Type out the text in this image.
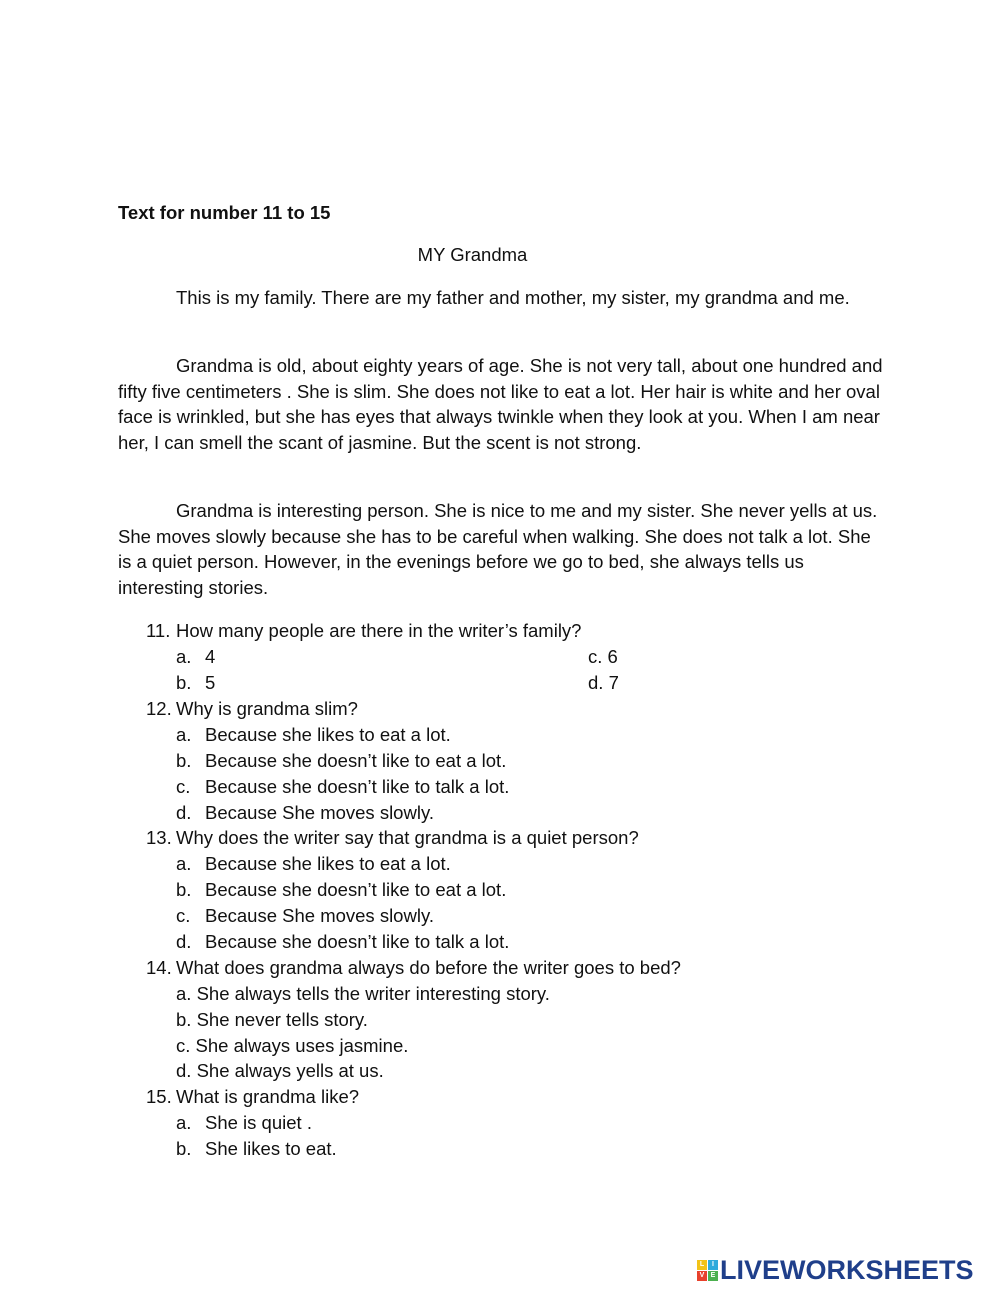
Text for number 11 to 15
MY Grandma

This is my family. There are my father and mother, my sister, my grandma and me.

Grandma is old, about eighty years of age. She is not very tall, about one hundred and fifty five centimeters . She is slim. She does not like to eat a lot. Her hair is white and her oval face is wrinkled, but she has eyes that always twinkle when they look at you. When I am near her, I can smell the scant of jasmine. But the scent is not strong.

Grandma is interesting person. She is nice to me and my sister. She never yells at us. She moves slowly because she has to be careful when walking. She does not talk a lot. She is a quiet person. However, in the evenings before we go to bed, she always tells us interesting stories.

11. How many people are there in the writer’s family?
a. 4	c. 6
b. 5	d. 7
12. Why is grandma slim?
a. Because she likes to eat a lot.
b. Because she doesn’t like to eat a lot.
c. Because she doesn’t like to talk a lot.
d. Because She moves slowly.
13. Why does the writer say that grandma is a quiet person?
a. Because she likes to eat a lot.
b. Because she doesn’t like to eat a lot.
c. Because She moves slowly.
d. Because she doesn’t like to talk a lot.
14. What does grandma always do before the writer goes to bed?
a. She always tells the writer interesting story.
b. She never tells story.
c. She always uses jasmine.
d. She always yells at us.
15. What is grandma like?
a. She is quiet .
b. She likes to eat.
L	I
V E LIVEWORKSHEETS
